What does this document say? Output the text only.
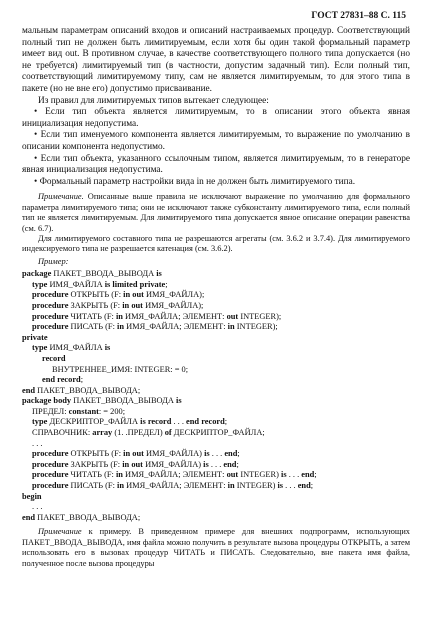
ГОСТ 27831–88 С. 115

мальным параметрам описаний входов и описаний настраиваемых процедур. Соответствующий полный тип не должен быть лимитируемым, если хотя бы один такой формальный параметр имеет вид out. В противном случае, в качестве соответствующего полного типа допускается (но не требуется) лимитируемый тип (в частности, допустим задачный тип). Если полный тип, соответствующий лимитируемому типу, сам не является лимитируемым, то для этого типа в пакете (но не вне его) допустимо присваивание.

Из правил для лимитируемых типов вытекает следующее:

• Если тип объекта является лимитируемым, то в описании этого объекта явная инициализация недопустима.

• Если тип именуемого компонента является лимитируемым, то выражение по умолчанию в описании компонента недопустимо.

• Если тип объекта, указанного ссылочным типом, является лимитируемым, то в генераторе явная инициализация недопустима.

• Формальный параметр настройки вида in не должен быть лимитируемого типа.

Примечание. Описанные выше правила не исключают выражение по умолчанию для формального параметра лимитируемого типа; они не исключают также субконстанту лимитируемого типа, если полный тип не является лимитируемым. Для лимитируемого типа допускается явное описание операции равенства (см. 6.7).

Для лимитируемого составного типа не разрешаются агрегаты (см. 3.6.2 и 3.7.4). Для лимитируемого индексируемого типа не разрешается катенация (см. 3.6.2).

Пример:
package ПАКЕТ_ВВОДА_ВЫВОДА is
type ИМЯ_ФАЙЛА is limited private;
procedure ОТКРЫТЬ (F: in out ИМЯ_ФАЙЛА);
procedure ЗАКРЫТЬ (F: in out ИМЯ_ФАЙЛА);
procedure ЧИТАТЬ (F: in ИМЯ_ФАЙЛА; ЭЛЕМЕНТ: out INTEGER);
procedure ПИСАТЬ (F: in ИМЯ_ФАЙЛА; ЭЛЕМЕНТ: in INTEGER);
private
type ИМЯ_ФАЙЛА is
record
ВНУТРЕННЕЕ_ИМЯ: INTEGER: = 0;
end record;
end ПАКЕТ_ВВОДА_ВЫВОДА;
package body ПАКЕТ_ВВОДА_ВЫВОДА is
ПРЕДЕЛ: constant: = 200;
type ДЕСКРИПТОР_ФАЙЛА is record . . . end record;
СПРАВОЧНИК: array (1. .ПРЕДЕЛ) of ДЕСКРИПТОР_ФАЙЛА;
. . .
procedure ОТКРЫТЬ (F: in out ИМЯ_ФАЙЛА) is . . . end;
procedure ЗАКРЫТЬ (F: in out ИМЯ_ФАЙЛА) is . . . end;
procedure ЧИТАТЬ (F: in ИМЯ_ФАЙЛА; ЭЛЕМЕНТ: out INTEGER) is . . . end;
procedure ПИСАТЬ (F: in ИМЯ_ФАЙЛА; ЭЛЕМЕНТ: in INTEGER) is . . . end;
begin
. . .
end ПАКЕТ_ВВОДА_ВЫВОДА;

Примечание к примеру. В приведенном примере для внешних подпрограмм, использующих ПАКЕТ_ВВОДА_ВЫВОДА, имя файла можно получить в результате вызова процедуры ОТКРЫТЬ, а затем использовать его в вызовах процедур ЧИТАТЬ и ПИСАТЬ. Следовательно, вне пакета имя файла, полученное после вызова процедуры
